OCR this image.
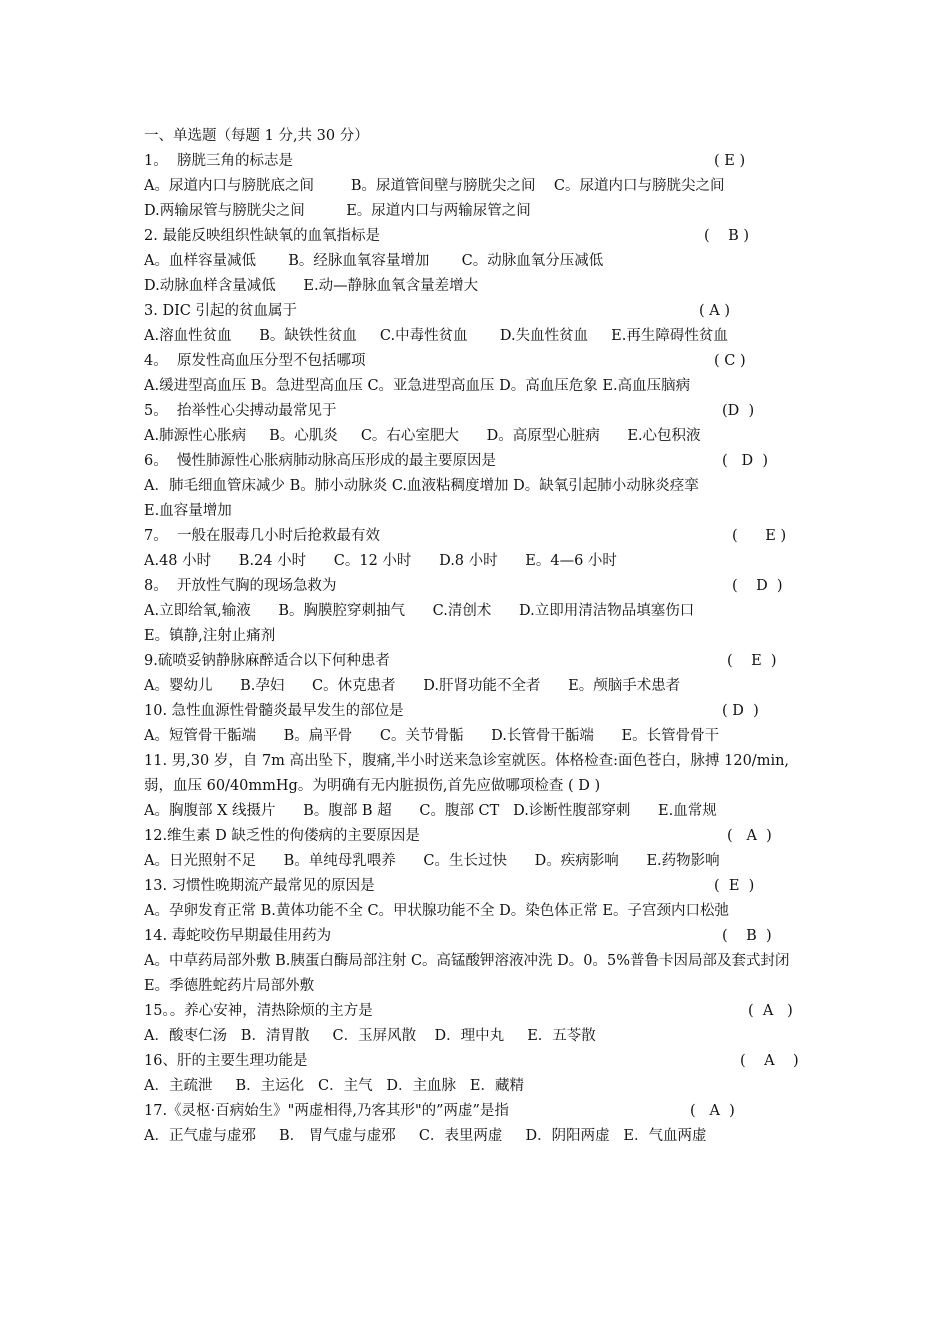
一、单选题（每题 1 分,共 30 分）
1。  膀胱三角的标志是	( E )
A。尿道内口与膀胱底之间        B。尿道管间壁与膀胱尖之间    C。尿道内口与膀胱尖之间
D.两输尿管与膀胱尖之间         E。尿道内口与两输尿管之间
2. 最能反映组织性缺氧的血氧指标是	(    B )
A。血样容量减低       B。经脉血氧容量增加       C。动脉血氧分压减低
D.动脉血样含量减低      E.动—静脉血氧含量差增大
3. DIC 引起的贫血属于	( A )
A.溶血性贫血      B。缺铁性贫血     C.中毒性贫血       D.失血性贫血     E.再生障碍性贫血
4。  原发性高血压分型不包括哪项	( C )
A.缓进型高血压 B。急进型高血压 C。亚急进型高血压 D。高血压危象 E.高血压脑病
5。  抬举性心尖搏动最常见于	(D  )
A.肺源性心胀病     B。心肌炎     C。右心室肥大      D。高原型心脏病      E.心包积液
6。  慢性肺源性心胀病肺动脉高压形成的最主要原因是	(   D  )
A．肺毛细血管床减少 B。肺小动脉炎 C.血液粘稠度增加 D。缺氧引起肺小动脉炎痉挛
E.血容量增加
7。  一般在服毒几小时后抢救最有效	(      E )
A.48 小时      B.24 小时      C。12 小时      D.8 小时      E。4—6 小时
8。  开放性气胸的现场急救为	(    D  )
A.立即给氧,输液      B。胸膜腔穿刺抽气      C.清创术      D.立即用清洁物品填塞伤口
E。镇静,注射止痛剂
9.硫喷妥钠静脉麻醉适合以下何种患者	(    E  )
A。婴幼儿      B.孕妇      C。休克患者      D.肝肾功能不全者      E。颅脑手术患者
10. 急性血源性骨髓炎最早发生的部位是	( D  )
A。短管骨干骺端      B。扁平骨      C。关节骨骺      D.长管骨干骺端      E。长管骨骨干
11. 男,30 岁，自 7m 高出坠下，腹痛,半小时送来急诊室就医。体格检查:面色苍白，脉搏 120/min,弱，血压 60/40mmHg。为明确有无内脏损伤,首先应做哪项检查 ( D )
A。胸腹部 X 线摄片      B。腹部 B 超      C。腹部 CT   D.诊断性腹部穿刺      E.血常规
12.维生素 D 缺乏性的佝偻病的主要原因是	(   A  )
A。日光照射不足      B。单纯母乳喂养      C。生长过快      D。疾病影响      E.药物影响
13. 习惯性晚期流产最常见的原因是	(  E  )
A。孕卵发育正常 B.黄体功能不全 C。甲状腺功能不全 D。染色体正常 E。子宫颈内口松弛
14. 毒蛇咬伤早期最佳用药为	(    B  )
A。中草药局部外敷 B.胰蛋白酶局部注射 C。高锰酸钾溶液冲洗 D。0。5%普鲁卡因局部及套式封闭 E。季德胜蛇药片局部外敷
15。。养心安神，清热除烦的主方是	(  A   )
A．酸枣仁汤   B．清胃散     C．玉屏风散    D．理中丸     E．五苓散
16、肝的主要生理功能是	(    A    )
A．主疏泄     B．主运化   C．主气   D．主血脉   E．藏精
17.《灵枢·百病始生》"两虚相得,乃客其形"的”两虚”是指	(   A  )
A．正气虚与虚邪     B． 胃气虚与虚邪     C．表里两虚     D．阴阳两虚   E．气血两虚
